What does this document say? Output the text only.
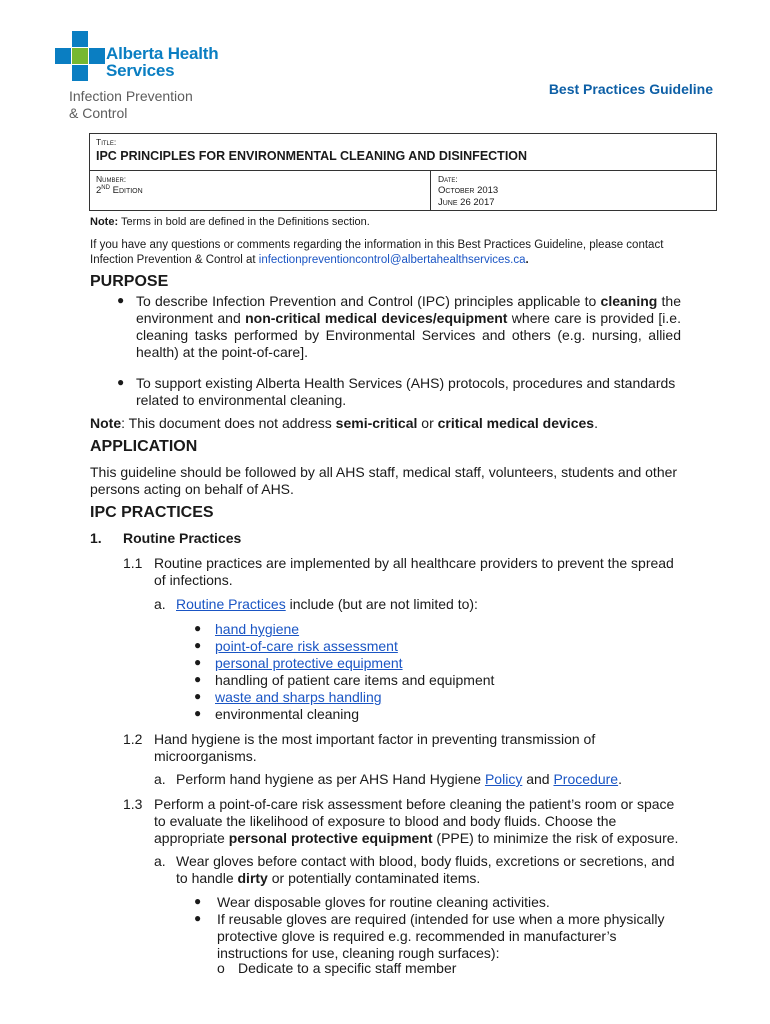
Alberta Health
Services
Infection Prevention
& Control
Best Practices Guideline
Title:
IPC PRINCIPLES FOR ENVIRONMENTAL CLEANING AND DISINFECTION
Number:
2ND Edition
Date:
October 2013
June 26 2017
Note: Terms in bold are defined in the Definitions section.
If you have any questions or comments regarding the information in this Best Practices Guideline, please contact Infection Prevention & Control at infectionpreventioncontrol@albertahealthservices.ca.
PURPOSE
● To describe Infection Prevention and Control (IPC) principles applicable to cleaning the environment and non-critical medical devices/equipment where care is provided [i.e. cleaning tasks performed by Environmental Services and others (e.g. nursing, allied health) at the point-of-care].
● To support existing Alberta Health Services (AHS) protocols, procedures and standards related to environmental cleaning.
Note: This document does not address semi-critical or critical medical devices.
APPLICATION
This guideline should be followed by all AHS staff, medical staff, volunteers, students and other persons acting on behalf of AHS.
IPC PRACTICES
1. Routine Practices
1.1 Routine practices are implemented by all healthcare providers to prevent the spread of infections.
a. Routine Practices include (but are not limited to):
● hand hygiene
● point-of-care risk assessment
● personal protective equipment
● handling of patient care items and equipment
● waste and sharps handling
● environmental cleaning
1.2 Hand hygiene is the most important factor in preventing transmission of microorganisms.
a. Perform hand hygiene as per AHS Hand Hygiene Policy and Procedure.
1.3 Perform a point-of-care risk assessment before cleaning the patient’s room or space to evaluate the likelihood of exposure to blood and body fluids. Choose the appropriate personal protective equipment (PPE) to minimize the risk of exposure.
a. Wear gloves before contact with blood, body fluids, excretions or secretions, and to handle dirty or potentially contaminated items.
● Wear disposable gloves for routine cleaning activities.
● If reusable gloves are required (intended for use when a more physically protective glove is required e.g. recommended in manufacturer’s instructions for use, cleaning rough surfaces):
o Dedicate to a specific staff member
